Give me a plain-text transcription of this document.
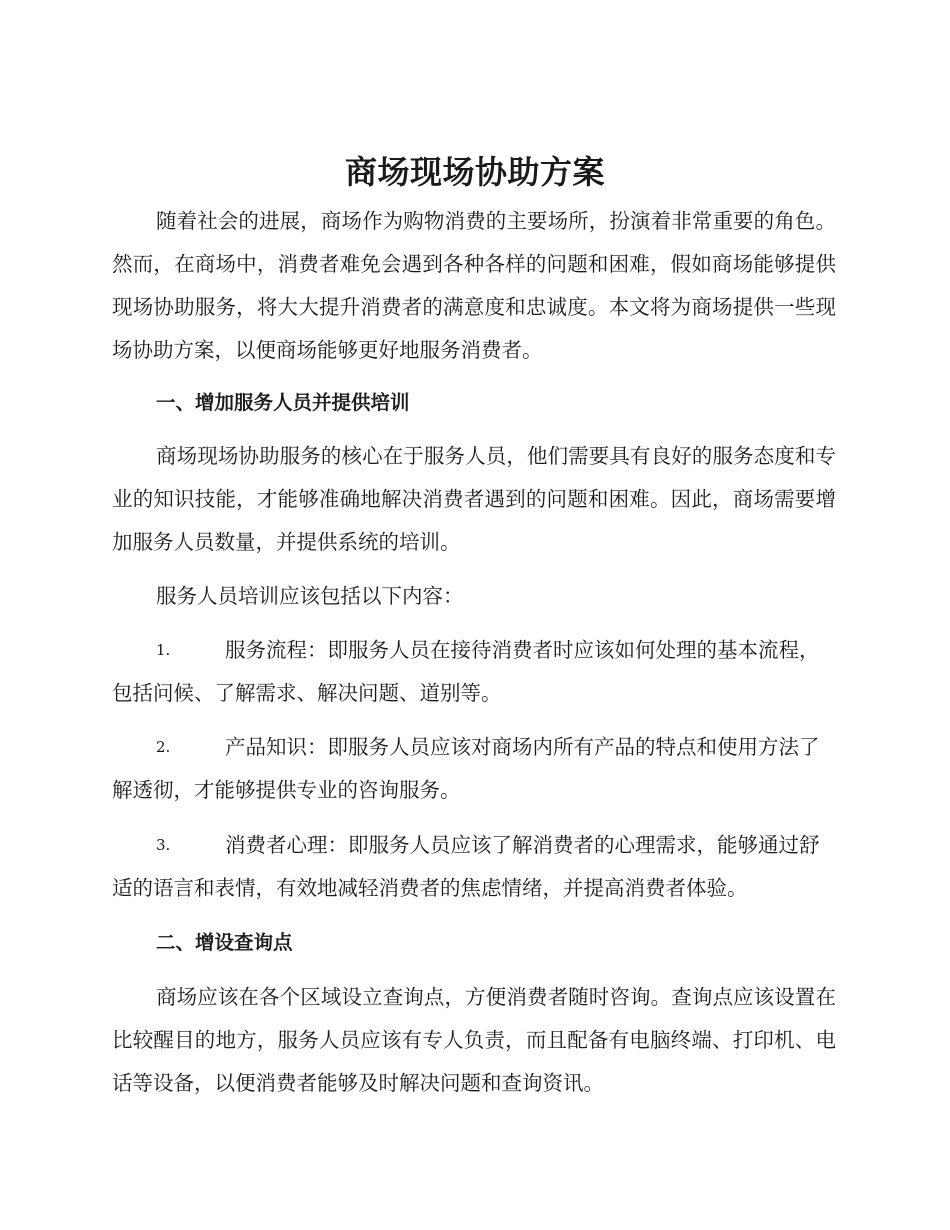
商场现场协助方案

随着社会的进展，商场作为购物消费的主要场所，扮演着非常重要的角色。然而，在商场中，消费者难免会遇到各种各样的问题和困难，假如商场能够提供现场协助服务，将大大提升消费者的满意度和忠诚度。本文将为商场提供一些现场协助方案，以便商场能够更好地服务消费者。

一、增加服务人员并提供培训

商场现场协助服务的核心在于服务人员，他们需要具有良好的服务态度和专业的知识技能，才能够准确地解决消费者遇到的问题和困难。因此，商场需要增加服务人员数量，并提供系统的培训。

服务人员培训应该包括以下内容：

1.	服务流程：即服务人员在接待消费者时应该如何处理的基本流程，包括问候、了解需求、解决问题、道别等。

2.	产品知识：即服务人员应该对商场内所有产品的特点和使用方法了解透彻，才能够提供专业的咨询服务。

3.	消费者心理：即服务人员应该了解消费者的心理需求，能够通过舒适的语言和表情，有效地减轻消费者的焦虑情绪，并提高消费者体验。

二、增设查询点

商场应该在各个区域设立查询点，方便消费者随时咨询。查询点应该设置在比较醒目的地方，服务人员应该有专人负责，而且配备有电脑终端、打印机、电话等设备，以便消费者能够及时解决问题和查询资讯。
